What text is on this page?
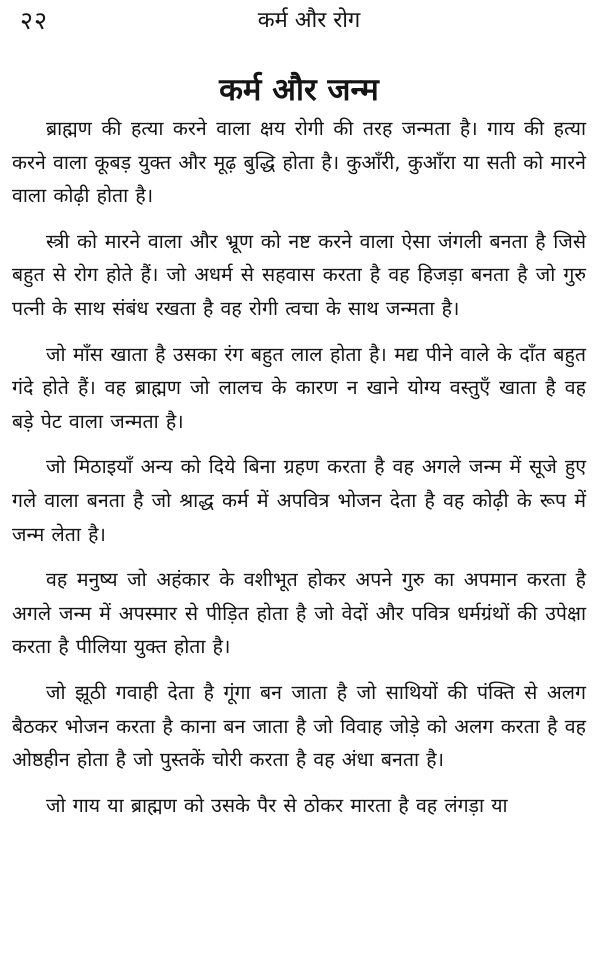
२२	कर्म और रोग
कर्म और जन्म

ब्राह्मण की हत्या करने वाला क्षय रोगी की तरह जन्मता है। गाय की हत्या करने वाला कूबड़ युक्त और मूढ़ बुद्धि होता है। कुआँरी, कुआँरा या सती को मारने वाला कोढ़ी होता है।

स्त्री को मारने वाला और भ्रूण को नष्ट करने वाला ऐसा जंगली बनता है जिसे बहुत से रोग होते हैं। जो अधर्म से सहवास करता है वह हिजड़ा बनता है जो गुरु पत्नी के साथ संबंध रखता है वह रोगी त्वचा के साथ जन्मता है।

जो माँस खाता है उसका रंग बहुत लाल होता है। मद्य पीने वाले के दाँत बहुत गंदे होते हैं। वह ब्राह्मण जो लालच के कारण न खाने योग्य वस्तुएँ खाता है वह बड़े पेट वाला जन्मता है।

जो मिठाइयाँ अन्य को दिये बिना ग्रहण करता है वह अगले जन्म में सूजे हुए गले वाला बनता है जो श्राद्ध कर्म में अपवित्र भोजन देता है वह कोढ़ी के रूप में जन्म लेता है।

वह मनुष्य जो अहंकार के वशीभूत होकर अपने गुरु का अपमान करता है अगले जन्म में अपस्मार से पीड़ित होता है जो वेदों और पवित्र धर्मग्रंथों की उपेक्षा करता है पीलिया युक्त होता है।

जो झूठी गवाही देता है गूंगा बन जाता है जो साथियों की पंक्ति से अलग बैठकर भोजन करता है काना बन जाता है जो विवाह जोड़े को अलग करता है वह ओष्ठहीन होता है जो पुस्तकें चोरी करता है वह अंधा बनता है।

जो गाय या ब्राह्मण को उसके पैर से ठोकर मारता है वह लंगड़ा या
